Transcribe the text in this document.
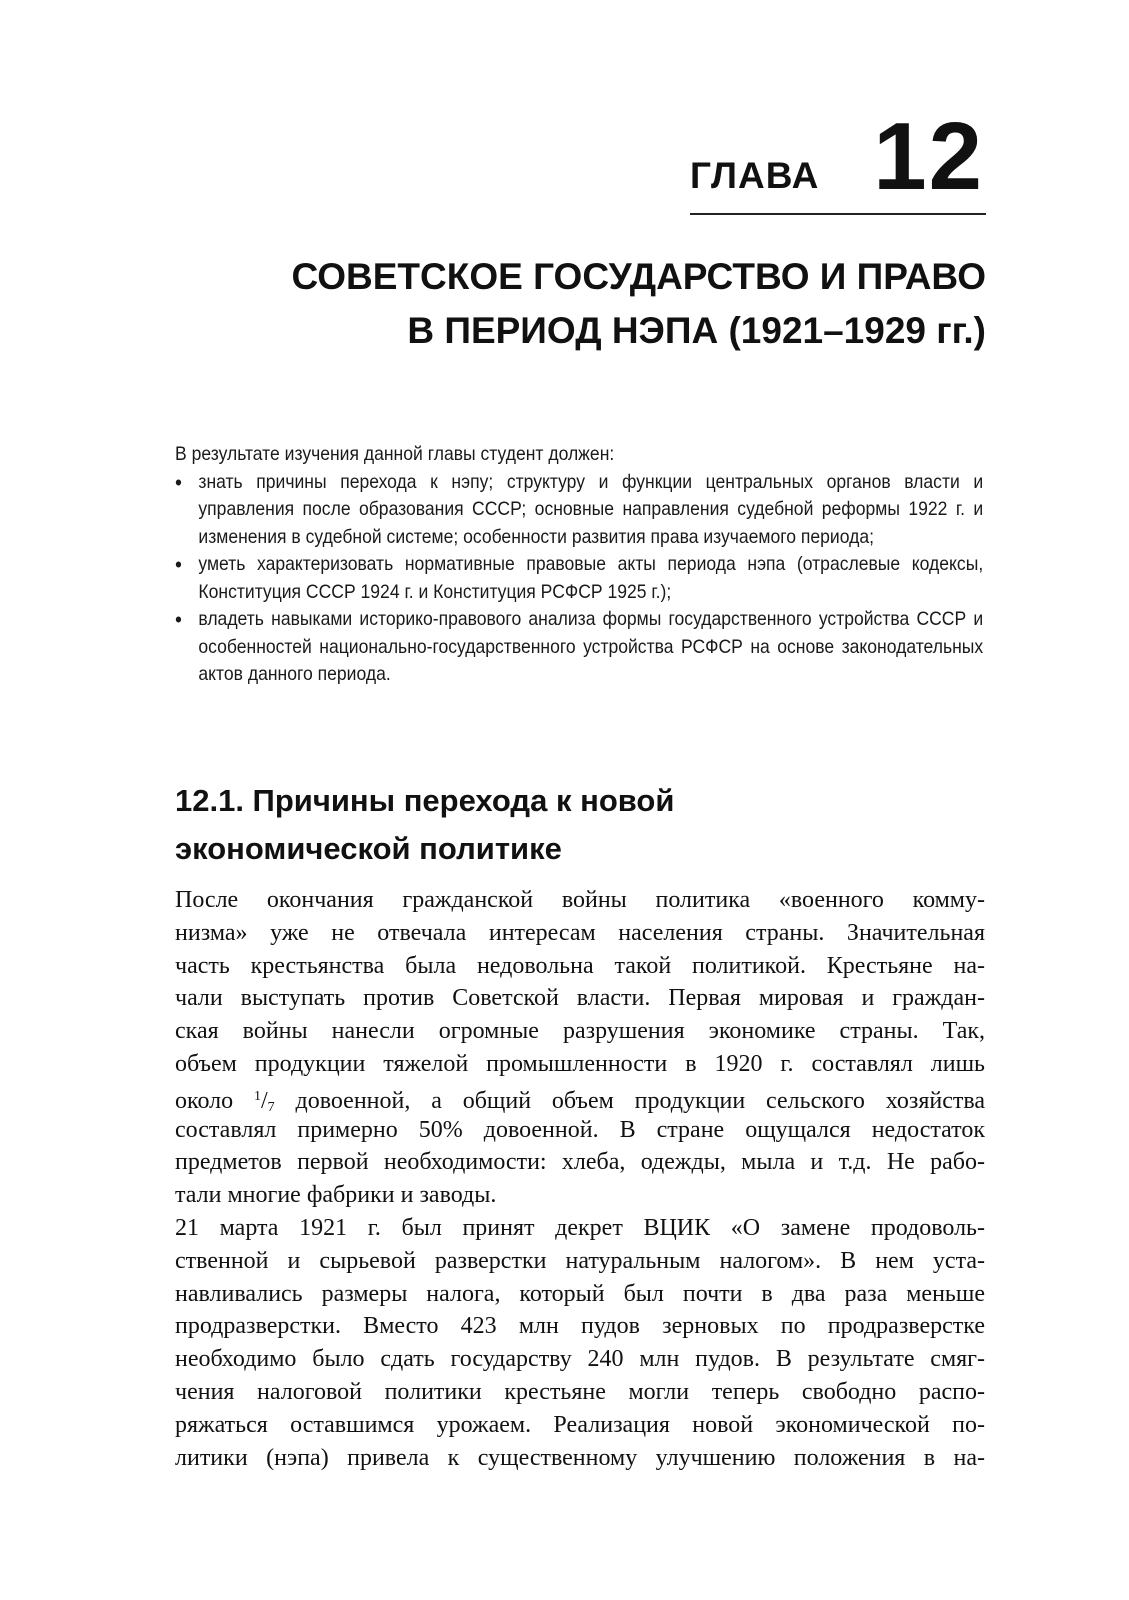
ГЛАВА 12
СОВЕТСКОЕ ГОСУДАРСТВО И ПРАВО
В ПЕРИОД НЭПА (1921–1929 гг.)

В результате изучения данной главы студент должен:

• знать причины перехода к нэпу; структуру и функции центральных органов власти и управления после образования СССР; основные направления судебной реформы 1922 г. и изменения в судебной системе; особенности развития права изучаемого периода;
• уметь характеризовать нормативные правовые акты периода нэпа (отраслевые кодексы, Конституция СССР 1924 г. и Конституция РСФСР 1925 г.);
• владеть навыками историко-правового анализа формы государственного устройства СССР и особенностей национально-государственного устройства РСФСР на основе законодательных актов данного периода.
12.1. Причины перехода к новой
экономической политике
После окончания гражданской войны политика «военного комму-
низма» уже не отвечала интересам населения страны. Значительная
часть крестьянства была недовольна такой политикой. Крестьяне на-
чали выступать против Советской власти. Первая мировая и граждан-
ская войны нанесли огромные разрушения экономике страны. Так,
объем продукции тяжелой промышленности в 1920 г. составлял лишь
около $^1/_7$ довоенной, а общий объем продукции сельского хозяйства
составлял примерно 50% довоенной. В стране ощущался недостаток
предметов первой необходимости: хлеба, одежды, мыла и т.д. Не рабо-
тали многие фабрики и заводы.
21 марта 1921 г. был принят декрет ВЦИК «О замене продоволь-
ственной и сырьевой разверстки натуральным налогом». В нем уста-
навливались размеры налога, который был почти в два раза меньше
продразверстки. Вместо 423 млн пудов зерновых по продразверстке
необходимо было сдать государству 240 млн пудов. В результате смяг-
чения налоговой политики крестьяне могли теперь свободно распо-
ряжаться оставшимся урожаем. Реализация новой экономической по-
литики (нэпа) привела к существенному улучшению положения в на-
